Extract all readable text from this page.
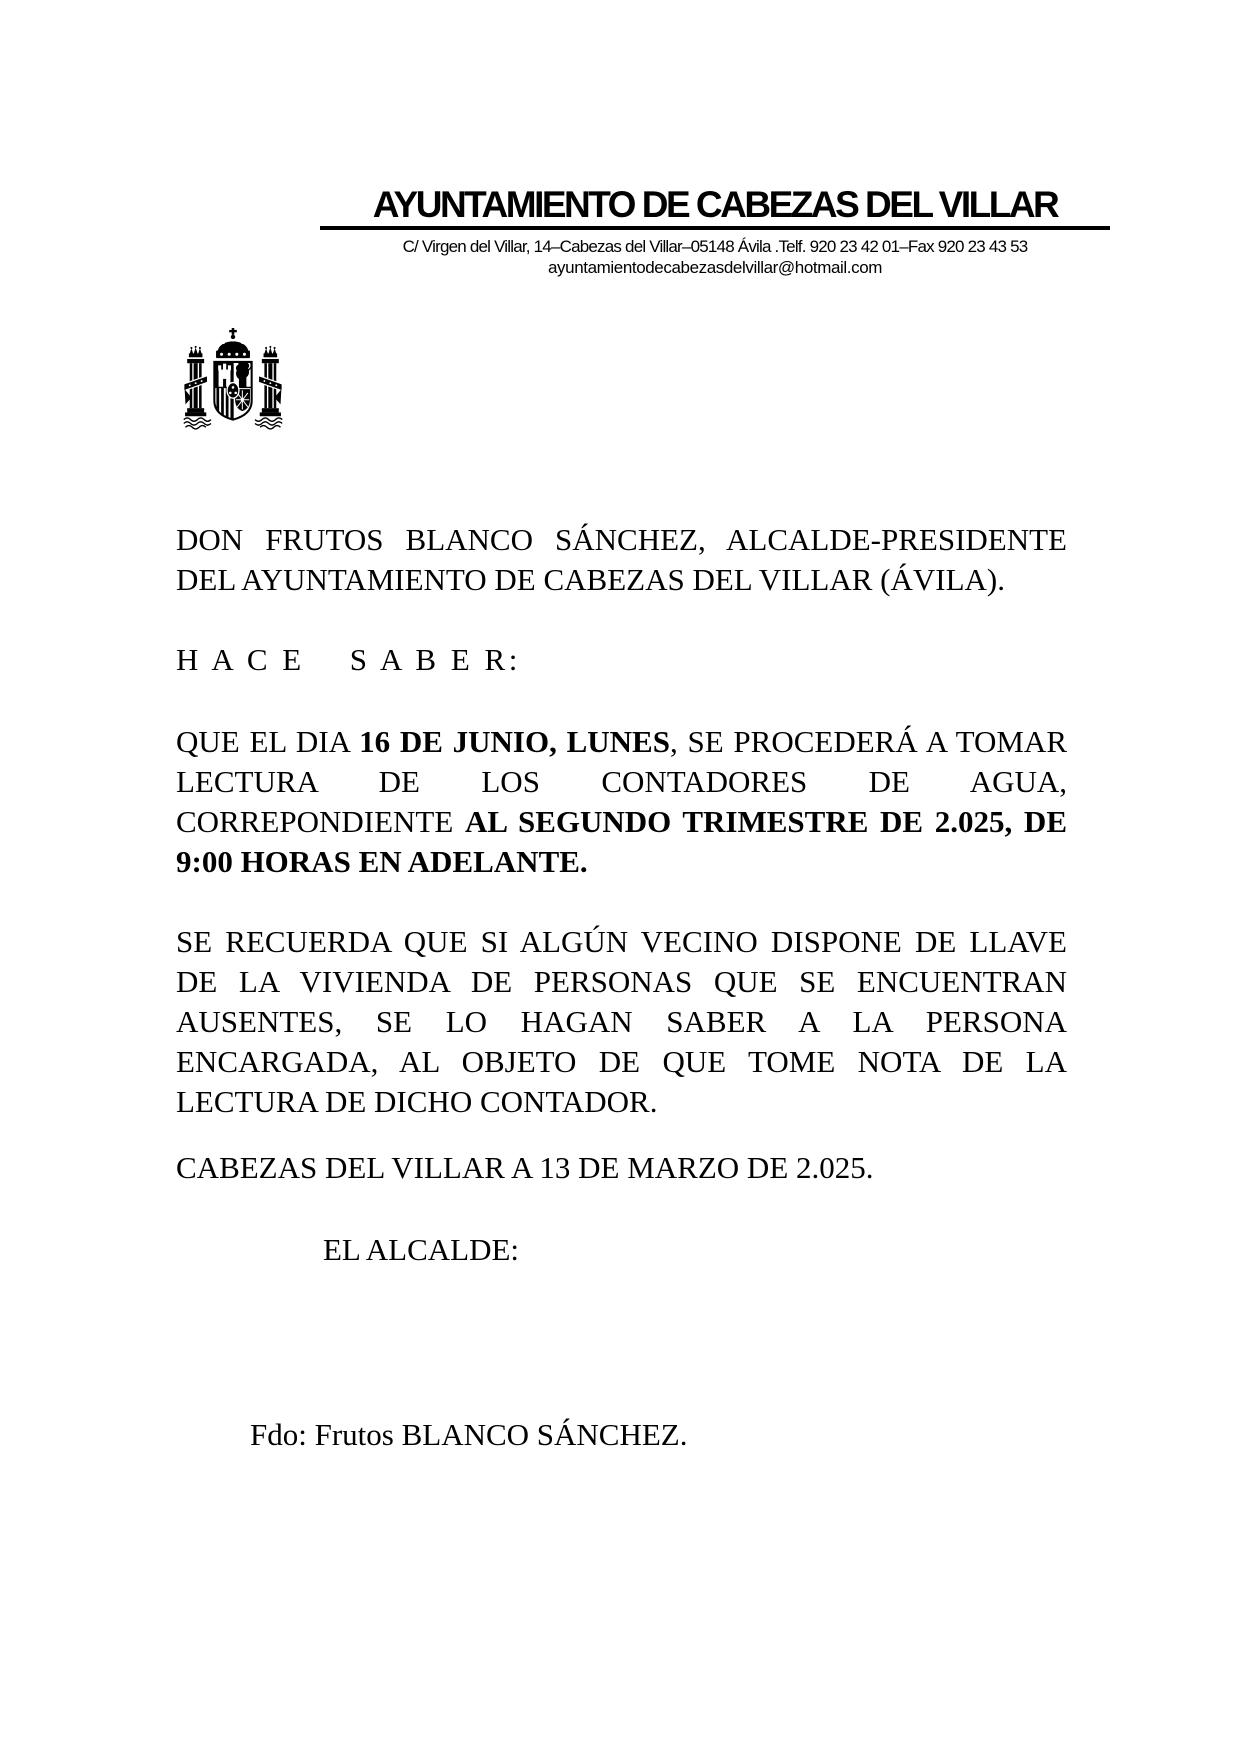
AYUNTAMIENTO DE CABEZAS DEL VILLAR
C/ Virgen del Villar, 14–Cabezas del Villar–05148 Ávila .Telf. 920 23 42 01–Fax 920 23 43 53
ayuntamientodecabezasdelvillar@hotmail.com

DON FRUTOS BLANCO SÁNCHEZ, ALCALDE-PRESIDENTE DEL AYUNTAMIENTO DE CABEZAS DEL VILLAR (ÁVILA).

H A C E    S A B E R:

QUE EL DIA 16 DE JUNIO, LUNES, SE PROCEDERÁ A TOMAR LECTURA DE LOS CONTADORES DE AGUA, CORREPONDIENTE AL SEGUNDO TRIMESTRE DE 2.025, DE 9:00 HORAS EN ADELANTE.

SE RECUERDA QUE SI ALGÚN VECINO DISPONE DE LLAVE DE LA VIVIENDA DE PERSONAS QUE SE ENCUENTRAN AUSENTES, SE LO HAGAN SABER A LA PERSONA ENCARGADA, AL OBJETO DE QUE TOME NOTA DE LA LECTURA DE DICHO CONTADOR.

CABEZAS DEL VILLAR A 13 DE MARZO DE 2.025.

EL ALCALDE:

Fdo: Frutos BLANCO SÁNCHEZ.
